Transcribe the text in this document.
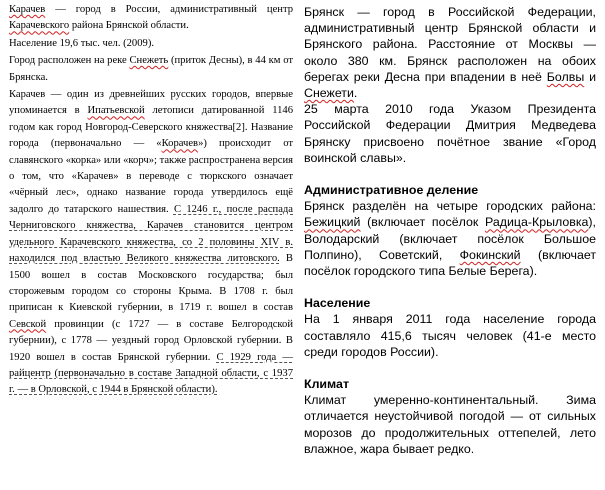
Карачев — город в России, административный центр Карачевского района Брянской области.

Население 19,6 тыс. чел. (2009).

Город расположен на реке Снежеть (приток Десны), в 44 км от Брянска.

Карачев — один из древнейших русских городов, впервые упоминается в Ипатьевской летописи датированной 1146 годом как город Новгород-Северского княжества[2]. Название города (первоначально — «Корачев») происходит от славянского «корка» или «корч»; также распространена версия о том, что «Карачев» в переводе с тюркского означает «чёрный лес», однако название города утвердилось ещё задолго до татарского нашествия. С 1246 г., после распада Черниговского княжества, Карачев становится центром удельного Карачевского княжества, со 2 половины XIV в. находился под властью Великого княжества литовского. В 1500 вошел в состав Московского государства; был сторожевым городом со стороны Крыма. В 1708 г. был приписан к Киевской губернии, в 1719 г. вошел в состав Севской провинции (с 1727 — в составе Белгородской губернии), с 1778 — уездный город Орловской губернии. В 1920 вошел в состав Брянской губернии. С 1929 года — райцентр (первоначально в составе Западной области, с 1937 г. — в Орловской, с 1944 в Брянской области).

Брянск — город в Российской Федерации, административный центр Брянской области и Брянского района. Расстояние от Москвы — около 380 км. Брянск расположен на обоих берегах реки Десна при впадении в неё Болвы и Снежети.

25 марта 2010 года Указом Президента Российской Федерации Дмитрия Медведева Брянску присвоено почётное звание «Город воинской славы».

Административное деление

Брянск разделён на четыре городских района: Бежицкий (включает посёлок Радица-Крыловка), Володарский (включает посёлок Большое Полпино), Советский, Фокинский (включает посёлок городского типа Белые Берега).

Население

На 1 января 2011 года население города составляло 415,6 тысяч человек (41-е место среди городов России).

Климат

Климат умеренно-континентальный. Зима отличается неустойчивой погодой — от сильных морозов до продолжительных оттепелей, лето влажное, жара бывает редко.
